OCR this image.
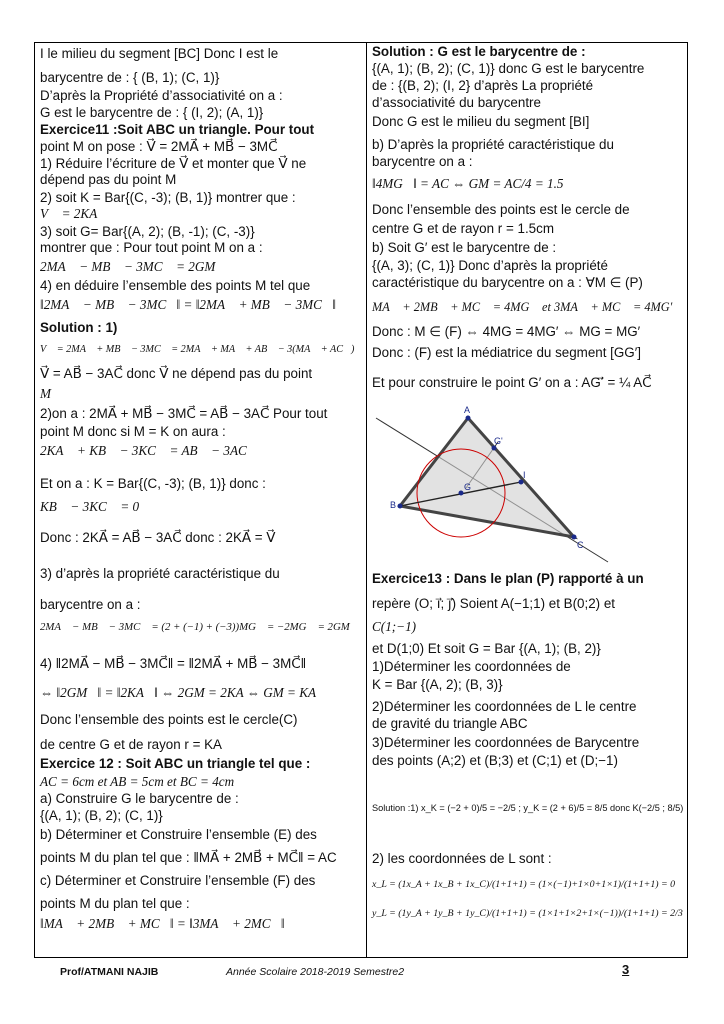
I le milieu du segment [BC] Donc I est le
barycentre de : { (B, 1); (C, 1)}
D’après la Propriété d’associativité on a :
G est le barycentre de : { (I, 2); (A, 1)}
Exercice11 :Soit ABC un triangle. Pour tout
point M on pose : V⃗ = 2MA⃗ + MB⃗ − 3MC⃗
1) Réduire l’écriture de V⃗ et monter que V⃗ ne
dépend pas du point M
2) soit K = Bar{(C, -3); (B, 1)} montrer que :
V⃗ = 2KA⃗
3) soit G= Bar{(A, 2); (B, -1); (C, -3)}
montrer que : Pour tout point M on a :
2MA⃗ − MB⃗ − 3MC⃗ = 2GM⃗
4) en déduire l’ensemble des points M tel que
‖2MA⃗ − MB⃗ − 3MC⃗‖ = ‖2MA⃗ + MB⃗ − 3MC⃗‖
Solution : 1)
V⃗ = 2MA⃗ + MB⃗ − 3MC⃗ = 2MA⃗ + MA⃗ + AB⃗ − 3(MA⃗ + AC⃗)
V⃗ = AB⃗ − 3AC⃗ donc V⃗ ne dépend pas du point
M
2)on a : 2MA⃗ + MB⃗ − 3MC⃗ = AB⃗ − 3AC⃗ Pour tout
point M donc si M = K on aura :
2KA⃗ + KB⃗ − 3KC⃗ = AB⃗ − 3AC⃗
Et on a : K = Bar{(C, -3); (B, 1)} donc :
KB⃗ − 3KC⃗ = 0⃗
Donc : 2KA⃗ = AB⃗ − 3AC⃗ donc : 2KA⃗ = V⃗
3) d’après la propriété caractéristique du
barycentre on a :
2MA⃗ − MB⃗ − 3MC⃗ = (2 + (−1) + (−3))MG⃗ = −2MG⃗ = 2GM⃗
4) ‖2MA⃗ − MB⃗ − 3MC⃗‖ = ‖2MA⃗ + MB⃗ − 3MC⃗‖
⇔ ‖2GM⃗‖ = ‖2KA⃗‖ ⇔ 2GM = 2KA ⇔ GM = KA
Donc l’ensemble des points est le cercle(C)
de centre G et de rayon r = KA
Exercice 12 : Soit ABC un triangle tel que :
AC = 6cm et AB = 5cm et BC = 4cm
a) Construire G le barycentre de :
{(A, 1); (B, 2); (C, 1)}
b) Déterminer et Construire l’ensemble (E) des
points M du plan tel que : ‖MA⃗ + 2MB⃗ + MC⃗‖ = AC
c) Déterminer et Construire l’ensemble (F) des
points M du plan tel que :
‖MA⃗ + 2MB⃗ + MC⃗‖ = ‖3MA⃗ + 2MC⃗‖
Solution : G est le barycentre de :
{(A, 1); (B, 2); (C, 1)} donc G est le barycentre
de : {(B, 2); (I, 2} d’après La propriété
d’associativité du barycentre
Donc G est le milieu du segment [BI]
b) D’après la propriété caractéristique du
barycentre on a :
‖4MG⃗‖ = AC ⇔ GM = AC/4 = 1.5
Donc l’ensemble des points est le cercle de
centre G et de rayon r = 1.5cm
b) Soit G′ est le barycentre de :
{(A, 3); (C, 1)} Donc d’après la propriété
caractéristique du barycentre on a : ∀M ∈ (P)
MA⃗ + 2MB⃗ + MC⃗ = 4MG⃗ et 3MA⃗ + MC⃗ = 4MG′⃗
Donc : M ∈ (F) ⇔ 4MG = 4MG′ ⇔ MG = MG′
Donc : (F) est la médiatrice du segment [GG′]
Et pour construire le point G′ on a : AG′⃗ = ¼ AC⃗
Exercice13 : Dans le plan (P) rapporté à un
repère (O; i⃗; j⃗) Soient A(−1;1) et B(0;2) et
C(1;−1)
et D(1;0) Et soit G = Bar {(A, 1); (B, 2)}
1)Déterminer les coordonnées de
K = Bar {(A, 2); (B, 3)}
2)Déterminer les coordonnées de L le centre
de gravité du triangle ABC
3)Déterminer les coordonnées de Barycentre
des points (A;2) et (B;3) et (C;1) et (D;−1)
Solution :1) x_K = (−2 + 0)/5 = −2/5 ; y_K = (2 + 6)/5 = 8/5 donc K(−2/5 ; 8/5)
2) les coordonnées de L sont :
x_L = (1x_A + 1x_B + 1x_C)/(1+1+1) = (1×(−1)+1×0+1×1)/(1+1+1) = 0
y_L = (1y_A + 1y_B + 1y_C)/(1+1+1) = (1×1+1×2+1×(−1))/(1+1+1) = 2/3
A
B
C
G
G'
I
Prof/ATMANI NAJIB	Année Scolaire 2018-2019 Semestre2	3
